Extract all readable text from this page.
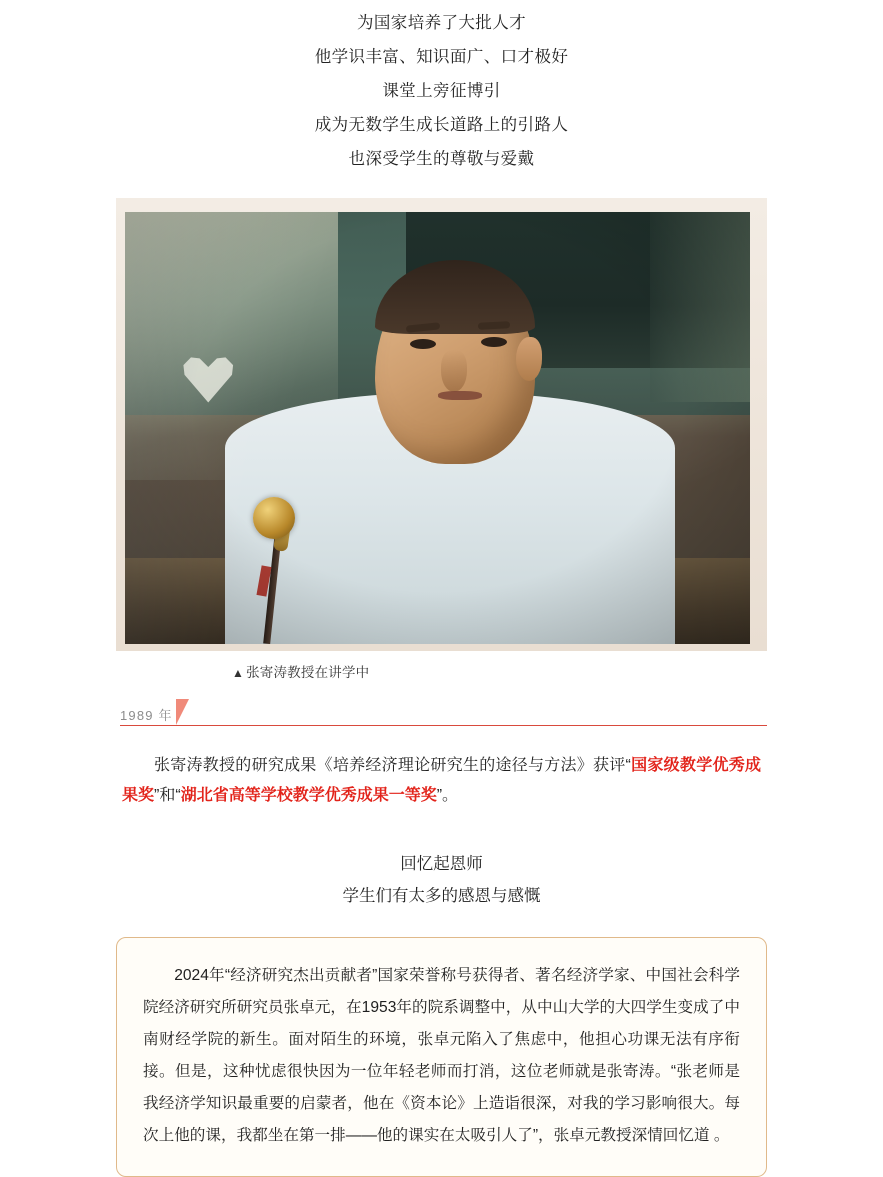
为国家培养了大批人才

他学识丰富、知识面广、口才极好

课堂上旁征博引

成为无数学生成长道路上的引路人

也深受学生的尊敬与爱戴

▲ 张寄涛教授在讲学中
1989 年

张寄涛教授的研究成果《培养经济理论研究生的途径与方法》获评“国家级教学优秀成果奖”和“湖北省高等学校教学优秀成果一等奖”。

回忆起恩师

学生们有太多的感恩与感慨

2024年“经济研究杰出贡献者”国家荣誉称号获得者、著名经济学家、中国社会科学院经济研究所研究员张卓元，在1953年的院系调整中，从中山大学的大四学生变成了中南财经学院的新生。面对陌生的环境，张卓元陷入了焦虑中，他担心功课无法有序衔接。但是，这种忧虑很快因为一位年轻老师而打消，这位老师就是张寄涛。“张老师是我经济学知识最重要的启蒙者，他在《资本论》上造诣很深，对我的学习影响很大。每次上他的课，我都坐在第一排——他的课实在太吸引人了”，张卓元教授深情回忆道 。
